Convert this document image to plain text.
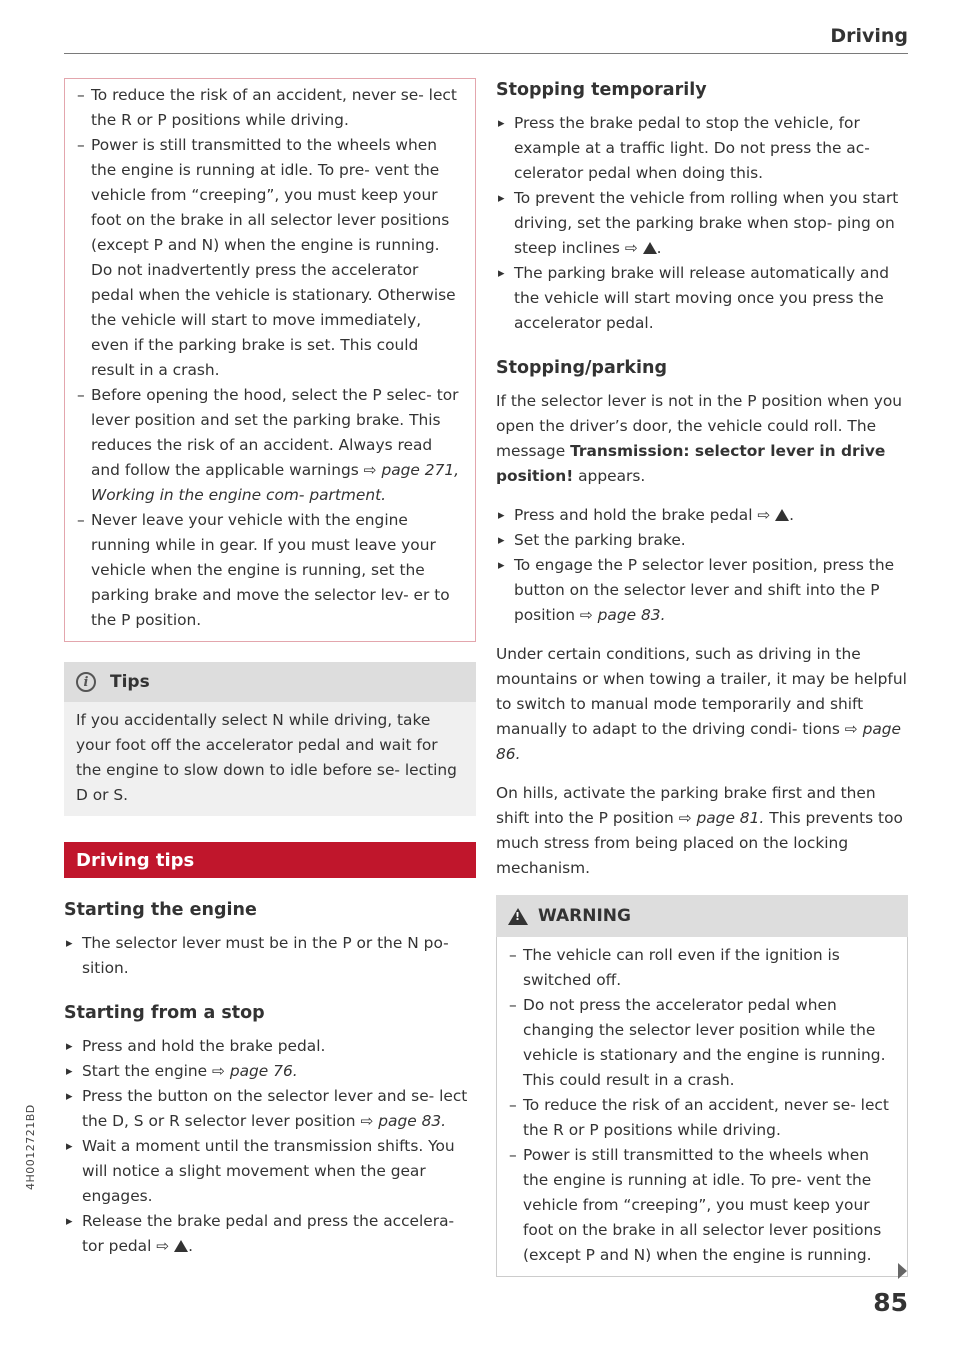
Driving

– To reduce the risk of an accident, never se- lect the R or P positions while driving.

– Power is still transmitted to the wheels when the engine is running at idle. To pre- vent the vehicle from “creeping”, you must keep your foot on the brake in all selector lever positions (except P and N) when the engine is running. Do not inadvertently press the accelerator pedal when the vehicle is stationary. Otherwise the vehicle will start to move immediately, even if the parking brake is set. This could result in a crash.

– Before opening the hood, select the P selec- tor lever position and set the parking brake. This reduces the risk of an accident. Always read and follow the applicable warnings ⇨ page 271, Working in the engine com- partment.

– Never leave your vehicle with the engine running while in gear. If you must leave your vehicle when the engine is running, set the parking brake and move the selector lev- er to the P position.

i	Tips

If you accidentally select N while driving, take your foot off the accelerator pedal and wait for the engine to slow down to idle before se- lecting D or S.

Driving tips
Starting the engine

▸ The selector lever must be in the P or the N po- sition.

Starting from a stop

▸ Press and hold the brake pedal.

▸ Start the engine ⇨ page 76.

▸ Press the button on the selector lever and se- lect the D, S or R selector lever position ⇨ page 83.

▸ Wait a moment until the transmission shifts. You will notice a slight movement when the gear engages.

▸ Release the brake pedal and press the accelera- tor pedal ⇨ .

Stopping temporarily

▸ Press the brake pedal to stop the vehicle, for example at a traffic light. Do not press the ac- celerator pedal when doing this.

▸ To prevent the vehicle from rolling when you start driving, set the parking brake when stop- ping on steep inclines ⇨ .

▸ The parking brake will release automatically and the vehicle will start moving once you press the accelerator pedal.

Stopping/parking

If the selector lever is not in the P position when you open the driver’s door, the vehicle could roll. The message Transmission: selector lever in drive position! appears.

▸ Press and hold the brake pedal ⇨ .

▸ Set the parking brake.

▸ To engage the P selector lever position, press the button on the selector lever and shift into the P position ⇨ page 83.

Under certain conditions, such as driving in the mountains or when towing a trailer, it may be helpful to switch to manual mode temporarily and shift manually to adapt to the driving condi- tions ⇨ page 86.

On hills, activate the parking brake first and then shift into the P position ⇨ page 81. This prevents too much stress from being placed on the locking mechanism.

!
WARNING

– The vehicle can roll even if the ignition is switched off.

– Do not press the accelerator pedal when changing the selector lever position while the vehicle is stationary and the engine is running. This could result in a crash.

– To reduce the risk of an accident, never se- lect the R or P positions while driving.

– Power is still transmitted to the wheels when the engine is running at idle. To pre- vent the vehicle from “creeping”, you must keep your foot on the brake in all selector lever positions (except P and N) when the engine is running.

85
4H0012721BD
